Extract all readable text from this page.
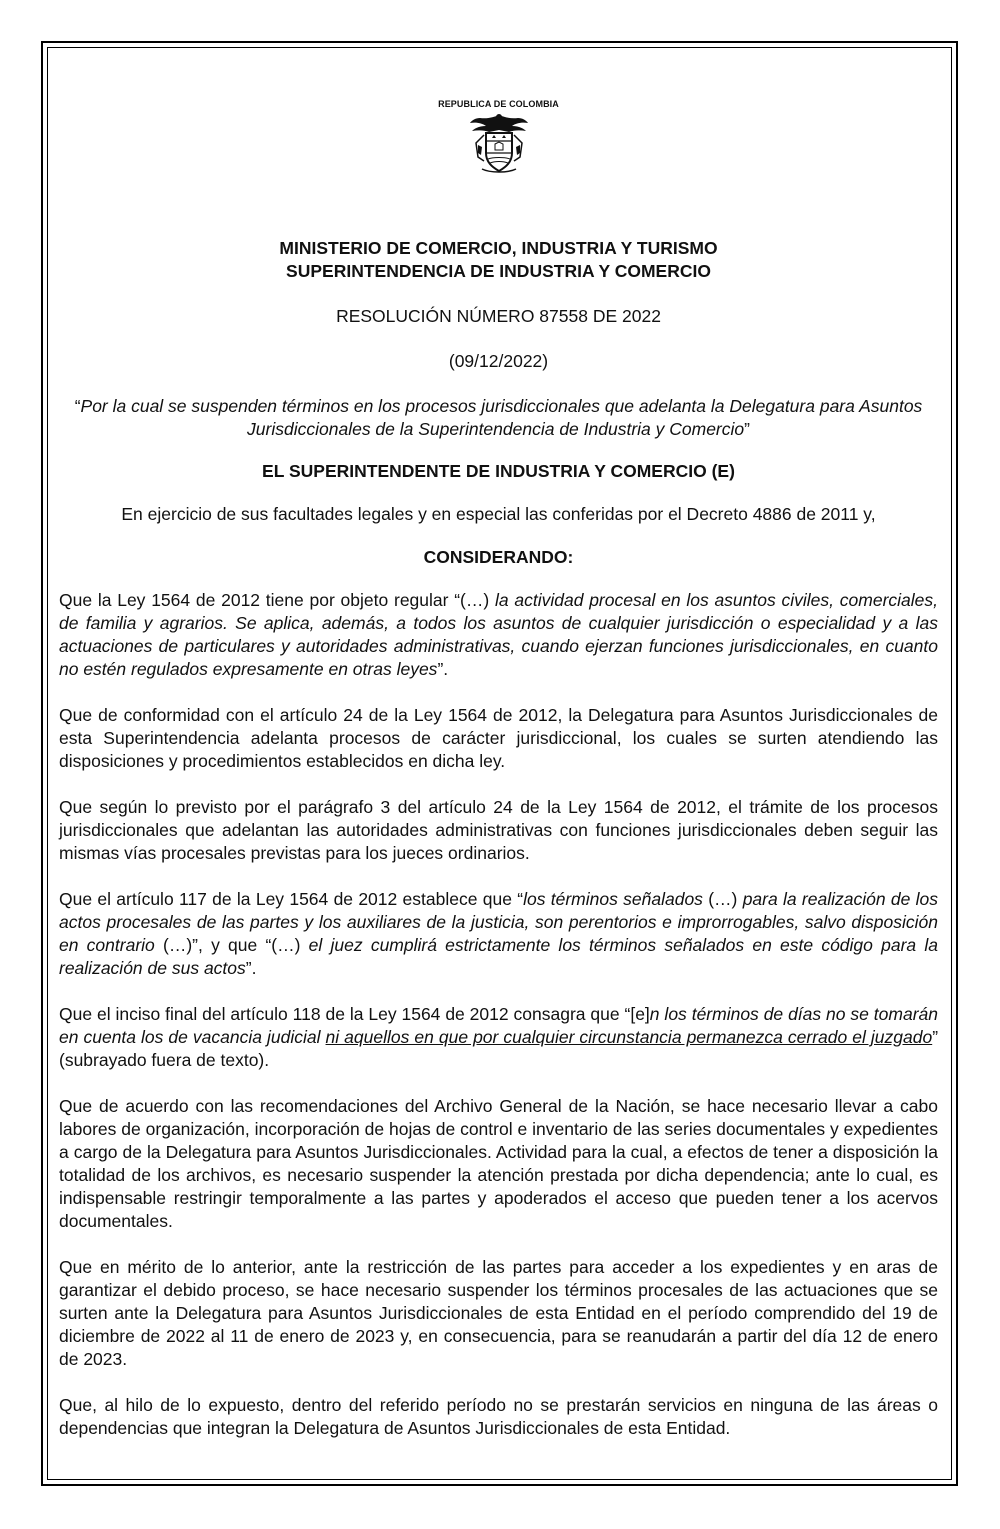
REPUBLICA DE COLOMBIA

MINISTERIO DE COMERCIO, INDUSTRIA Y TURISMO

SUPERINTENDENCIA DE INDUSTRIA Y COMERCIO

RESOLUCIÓN NÚMERO 87558 DE 2022

(09/12/2022)

“Por la cual se suspenden términos en los procesos jurisdiccionales que adelanta la Delegatura para Asuntos Jurisdiccionales de la Superintendencia de Industria y Comercio”

EL SUPERINTENDENTE DE INDUSTRIA Y COMERCIO (E)

En ejercicio de sus facultades legales y en especial las conferidas por el Decreto 4886 de 2011 y,

CONSIDERANDO:

Que la Ley 1564 de 2012 tiene por objeto regular “(…) la actividad procesal en los asuntos civiles, comerciales, de familia y agrarios. Se aplica, además, a todos los asuntos de cualquier jurisdicción o especialidad y a las actuaciones de particulares y autoridades administrativas, cuando ejerzan funciones jurisdiccionales, en cuanto no estén regulados expresamente en otras leyes”.

Que de conformidad con el artículo 24 de la Ley 1564 de 2012, la Delegatura para Asuntos Jurisdiccionales de esta Superintendencia adelanta procesos de carácter jurisdiccional, los cuales se surten atendiendo las disposiciones y procedimientos establecidos en dicha ley.

Que según lo previsto por el parágrafo 3 del artículo 24 de la Ley 1564 de 2012, el trámite de los procesos jurisdiccionales que adelantan las autoridades administrativas con funciones jurisdiccionales deben seguir las mismas vías procesales previstas para los jueces ordinarios.

Que el artículo 117 de la Ley 1564 de 2012 establece que “los términos señalados (…) para la realización de los actos procesales de las partes y los auxiliares de la justicia, son perentorios e improrrogables, salvo disposición en contrario (…)”, y que “(…) el juez cumplirá estrictamente los términos señalados en este código para la realización de sus actos”.

Que el inciso final del artículo 118 de la Ley 1564 de 2012 consagra que “[e]n los términos de días no se tomarán en cuenta los de vacancia judicial ni aquellos en que por cualquier circunstancia permanezca cerrado el juzgado” (subrayado fuera de texto).

Que de acuerdo con las recomendaciones del Archivo General de la Nación, se hace necesario llevar a cabo labores de organización, incorporación de hojas de control e inventario de las series documentales y expedientes a cargo de la Delegatura para Asuntos Jurisdiccionales. Actividad para la cual, a efectos de tener a disposición la totalidad de los archivos, es necesario suspender la atención prestada por dicha dependencia; ante lo cual, es indispensable restringir temporalmente a las partes y apoderados el acceso que pueden tener a los acervos documentales.

Que en mérito de lo anterior, ante la restricción de las partes para acceder a los expedientes y en aras de garantizar el debido proceso, se hace necesario suspender los términos procesales de las actuaciones que se surten ante la Delegatura para Asuntos Jurisdiccionales de esta Entidad en el período comprendido del 19 de diciembre de 2022 al 11 de enero de 2023 y, en consecuencia, para se reanudarán a partir del día 12 de enero de 2023.

Que, al hilo de lo expuesto, dentro del referido período no se prestarán servicios en ninguna de las áreas o dependencias que integran la Delegatura de Asuntos Jurisdiccionales de esta Entidad.
